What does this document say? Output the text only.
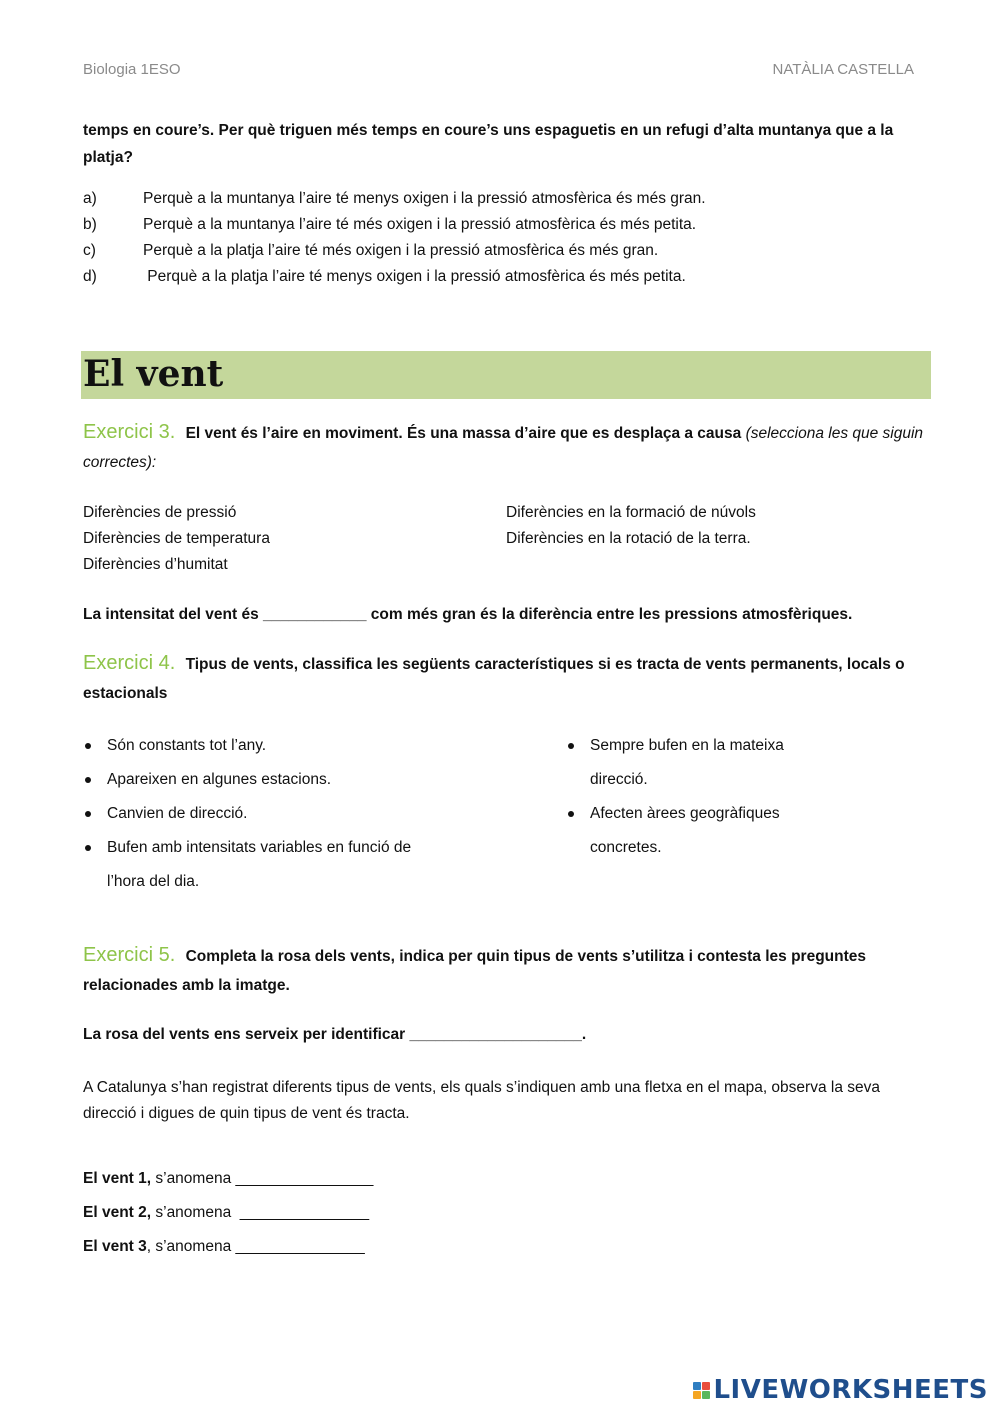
Biologia 1ESO	NATÀLIA CASTELLA
temps en coure’s. Per què triguen més temps en coure’s uns espaguetis en un refugi d’alta muntanya que a la platja?
a)	Perquè a la muntanya l’aire té menys oxigen i la pressió atmosfèrica és més gran.
b)	Perquè a la muntanya l’aire té més oxigen i la pressió atmosfèrica és més petita.
c)	Perquè a la platja l’aire té més oxigen i la pressió atmosfèrica és més gran.
d)	Perquè a la platja l’aire té menys oxigen i la pressió atmosfèrica és més petita.
El vent
Exercici 3. El vent és l’aire en moviment. És una massa d’aire que es desplaça a causa (selecciona les que siguin correctes):
Diferències de pressió
Diferències de temperatura
Diferències d’humitat
Diferències en la formació de núvols
Diferències en la rotació de la terra.
La intensitat del vent és ____________ com més gran és la diferència entre les pressions atmosfèriques.
Exercici 4. Tipus de vents, classifica les següents característiques si es tracta de vents permanents, locals o estacionals
Són constants tot l’any.
Apareixen en algunes estacions.
Canvien de direcció.
Bufen amb intensitats variables en funció de l’hora del dia.
Sempre bufen en la mateixa direcció.
Afecten àrees geogràfiques concretes.
Exercici 5. Completa la rosa dels vents, indica per quin tipus de vents s’utilitza i contesta les preguntes relacionades amb la imatge.
La rosa del vents ens serveix per identificar ____________________.
A Catalunya s’han registrat diferents tipus de vents, els quals s’indiquen amb una fletxa en el mapa, observa la seva direcció i digues de quin tipus de vent és tracta.
El vent 1, s’anomena ________________
El vent 2, s’anomena  _______________
El vent 3, s’anomena _______________
LIVEWORKSHEETS
